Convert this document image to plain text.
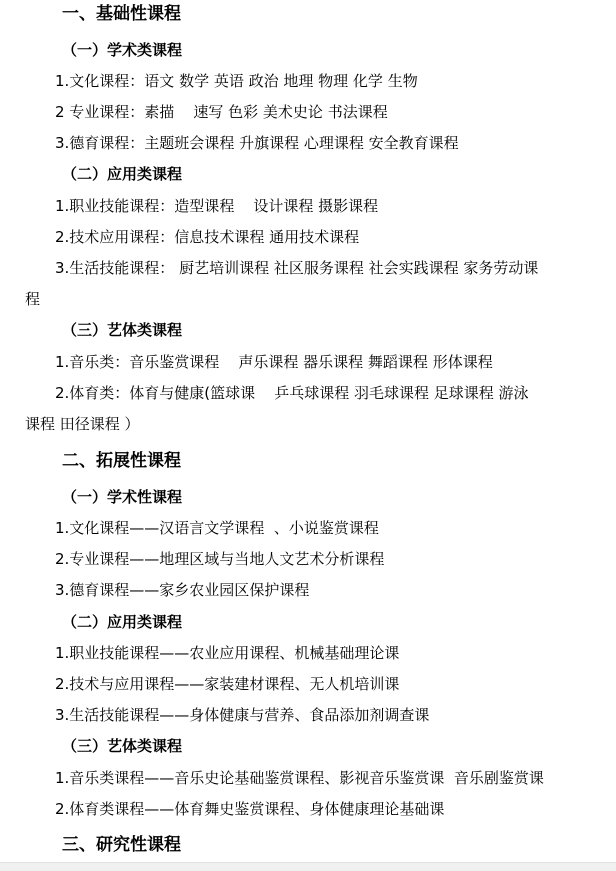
一、基础性课程
（一）学术类课程
1.文化课程：语文 数学 英语 政治 地理 物理 化学 生物
2 专业课程：素描    速写 色彩 美术史论 书法课程
3.德育课程：主题班会课程 升旗课程 心理课程 安全教育课程
（二）应用类课程
1.职业技能课程：造型课程    设计课程 摄影课程
2.技术应用课程：信息技术课程 通用技术课程
3.生活技能课程： 厨艺培训课程 社区服务课程 社会实践课程 家务劳动课
程
（三）艺体类课程
1.音乐类：音乐鉴赏课程    声乐课程 器乐课程 舞蹈课程 形体课程
2.体育类：体育与健康(篮球课    乒乓球课程 羽毛球课程 足球课程 游泳
课程 田径课程 ）
二、拓展性课程
（一）学术性课程
1.文化课程——汉语言文学课程  、小说鉴赏课程
2.专业课程——地理区域与当地人文艺术分析课程
3.德育课程——家乡农业园区保护课程
（二）应用类课程
1.职业技能课程——农业应用课程、机械基础理论课
2.技术与应用课程——家装建材课程、无人机培训课
3.生活技能课程——身体健康与营养、食品添加剂调查课
（三）艺体类课程
1.音乐类课程——音乐史论基础鉴赏课程、影视音乐鉴赏课  音乐剧鉴赏课
2.体育类课程——体育舞史鉴赏课程、身体健康理论基础课
三、研究性课程
